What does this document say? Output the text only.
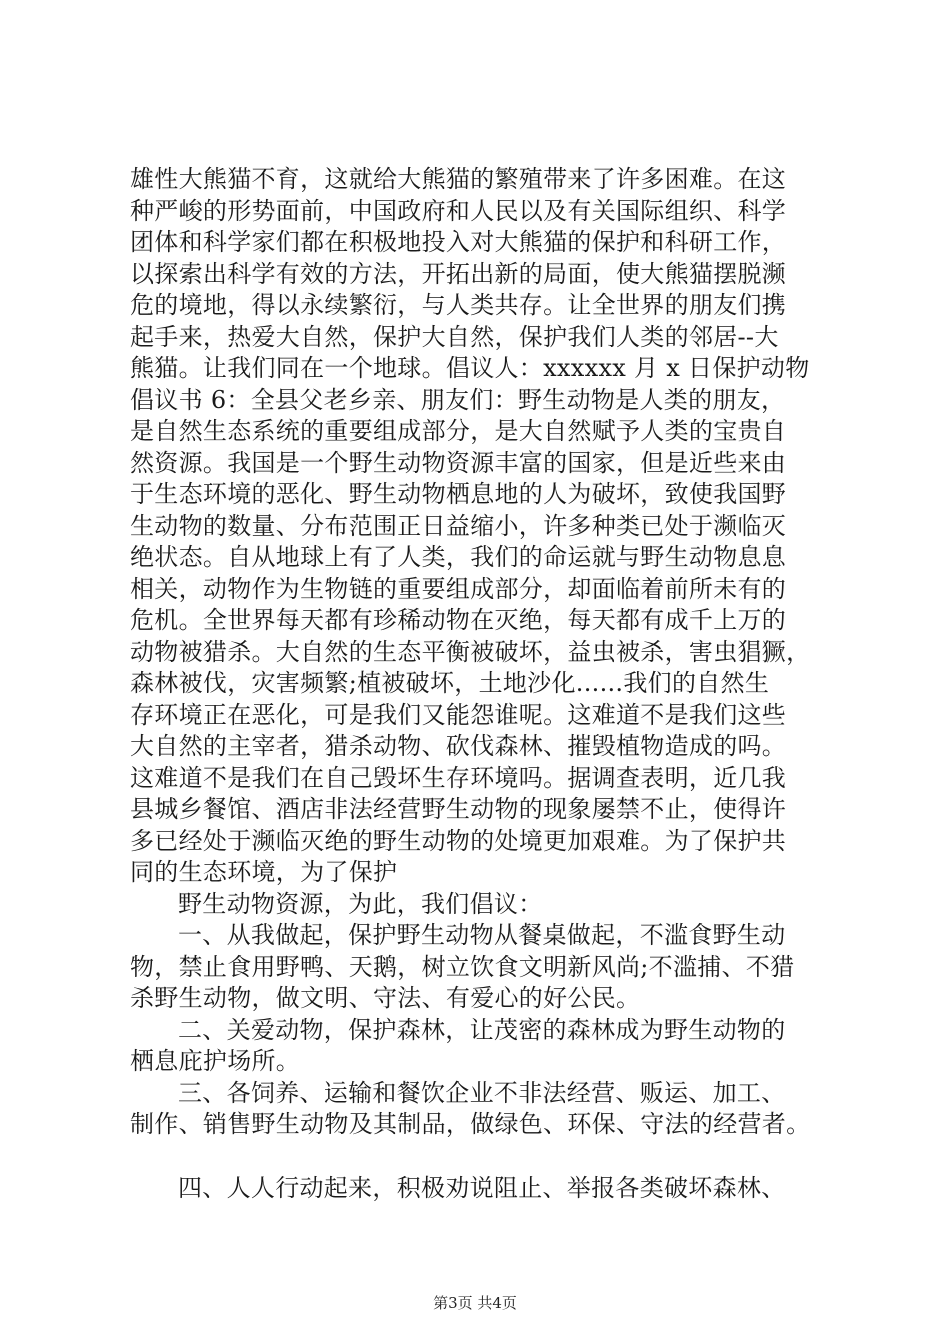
雄性大熊猫不育，这就给大熊猫的繁殖带来了许多困难。在这
种严峻的形势面前，中国政府和人民以及有关国际组织、科学
团体和科学家们都在积极地投入对大熊猫的保护和科研工作，
以探索出科学有效的方法，开拓出新的局面，使大熊猫摆脱濒
危的境地，得以永续繁衍，与人类共存。让全世界的朋友们携
起手来，热爱大自然，保护大自然，保护我们人类的邻居--大
熊猫。让我们同在一个地球。倡议人：xxxxxx 月 x 日保护动物
倡议书 6：全县父老乡亲、朋友们：野生动物是人类的朋友，
是自然生态系统的重要组成部分，是大自然赋予人类的宝贵自
然资源。我国是一个野生动物资源丰富的国家，但是近些来由
于生态环境的恶化、野生动物栖息地的人为破坏，致使我国野
生动物的数量、分布范围正日益缩小，许多种类已处于濒临灭
绝状态。自从地球上有了人类，我们的命运就与野生动物息息
相关，动物作为生物链的重要组成部分，却面临着前所未有的
危机。全世界每天都有珍稀动物在灭绝，每天都有成千上万的
动物被猎杀。大自然的生态平衡被破坏，益虫被杀，害虫猖獗，
森林被伐，灾害频繁;植被破坏，土地沙化......我们的自然生
存环境正在恶化，可是我们又能怨谁呢。这难道不是我们这些
大自然的主宰者，猎杀动物、砍伐森林、摧毁植物造成的吗。
这难道不是我们在自己毁坏生存环境吗。据调查表明，近几我
县城乡餐馆、酒店非法经营野生动物的现象屡禁不止，使得许
多已经处于濒临灭绝的野生动物的处境更加艰难。为了保护共
同的生态环境，为了保护
野生动物资源，为此，我们倡议：
一、从我做起，保护野生动物从餐桌做起，不滥食野生动
物，禁止食用野鸭、天鹅，树立饮食文明新风尚;不滥捕、不猎
杀野生动物，做文明、守法、有爱心的好公民。
二、关爱动物，保护森林，让茂密的森林成为野生动物的
栖息庇护场所。
三、各饲养、运输和餐饮企业不非法经营、贩运、加工、
制作、销售野生动物及其制品，做绿色、环保、守法的经营者。
四、人人行动起来，积极劝说阻止、举报各类破坏森林、
第3页 共4页
